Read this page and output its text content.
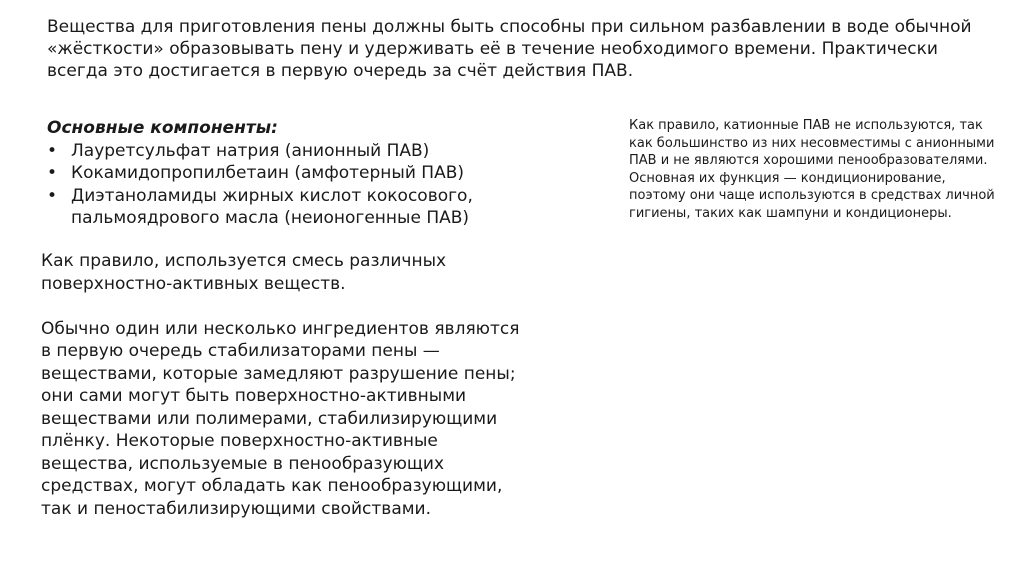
Вещества для приготовления пены должны быть способны при сильном разбавлении в воде обычной «жёсткости» образовывать пену и удерживать её в течение необходимого времени. Практически всегда это достигается в первую очередь за счёт действия ПАВ.

Основные компоненты:

• Лауретсульфат натрия (анионный ПАВ)
• Кокамидопропилбетаин (амфотерный ПАВ)
• Диэтаноламиды жирных кислот кокосового, пальмоядрового масла (неионогенные ПАВ)

Как правило, катионные ПАВ не используются, так как большинство из них несовместимы с анионными ПАВ и не являются хорошими пенообразователями. Основная их функция — кондиционирование, поэтому они чаще используются в средствах личной гигиены, таких как шампуни и кондиционеры.

Как правило, используется смесь различных поверхностно-активных веществ.

Обычно один или несколько ингредиентов являются в первую очередь стабилизаторами пены — веществами, которые замедляют разрушение пены; они сами могут быть поверхностно-активными веществами или полимерами, стабилизирующими плёнку. Некоторые поверхностно-активные вещества, используемые в пенообразующих средствах, могут обладать как пенообразующими, так и пеностабилизирующими свойствами.
